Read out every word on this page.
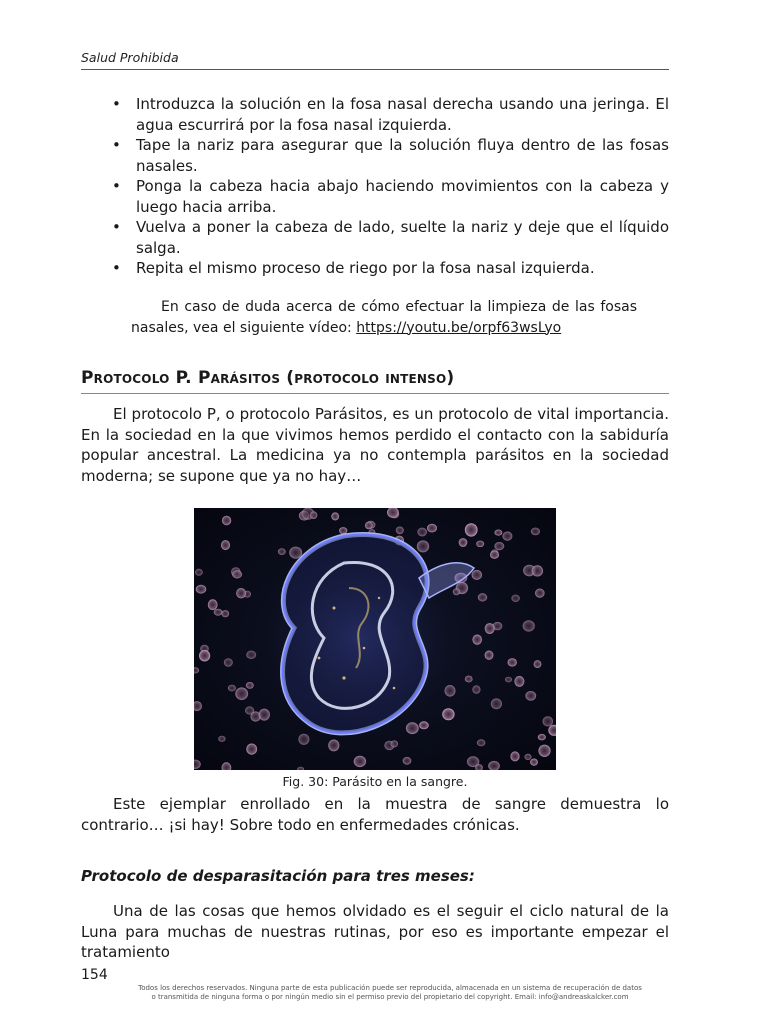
Salud Prohibida
• Introduzca la solución en la fosa nasal derecha usando una jeringa. El agua escurrirá por la fosa nasal izquierda.
• Tape la nariz para asegurar que la solución fluya dentro de las fosas nasales.
• Ponga la cabeza hacia abajo haciendo movimientos con la cabeza y luego hacia arriba.
• Vuelva a poner la cabeza de lado, suelte la nariz y deje que el líquido salga.
• Repita el mismo proceso de riego por la fosa nasal izquierda.
En caso de duda acerca de cómo efectuar la limpieza de las fosas nasales, vea el siguiente vídeo: https://youtu.be/orpf63wsLyo
Protocolo P. Parásitos (protocolo intenso)

El protocolo P, o protocolo Parásitos, es un protocolo de vital importancia. En la sociedad en la que vivimos hemos perdido el contacto con la sabiduría popular ancestral. La medicina ya no contempla parásitos en la sociedad moderna; se supone que ya no hay…

Fig. 30: Parásito en la sangre.

Este ejemplar enrollado en la muestra de sangre demuestra lo contrario… ¡si hay! Sobre todo en enfermedades crónicas.

Protocolo de desparasitación para tres meses:

Una de las cosas que hemos olvidado es el seguir el ciclo natural de la Luna para muchas de nuestras rutinas, por eso es importante empezar el tratamiento

154
Todos los derechos reservados. Ninguna parte de esta publicación puede ser reproducida, almacenada en un sistema de recuperación de datos
o transmitida de ninguna forma o por ningún medio sin el permiso previo del propietario del copyright. Email: info@andreaskalcker.com
